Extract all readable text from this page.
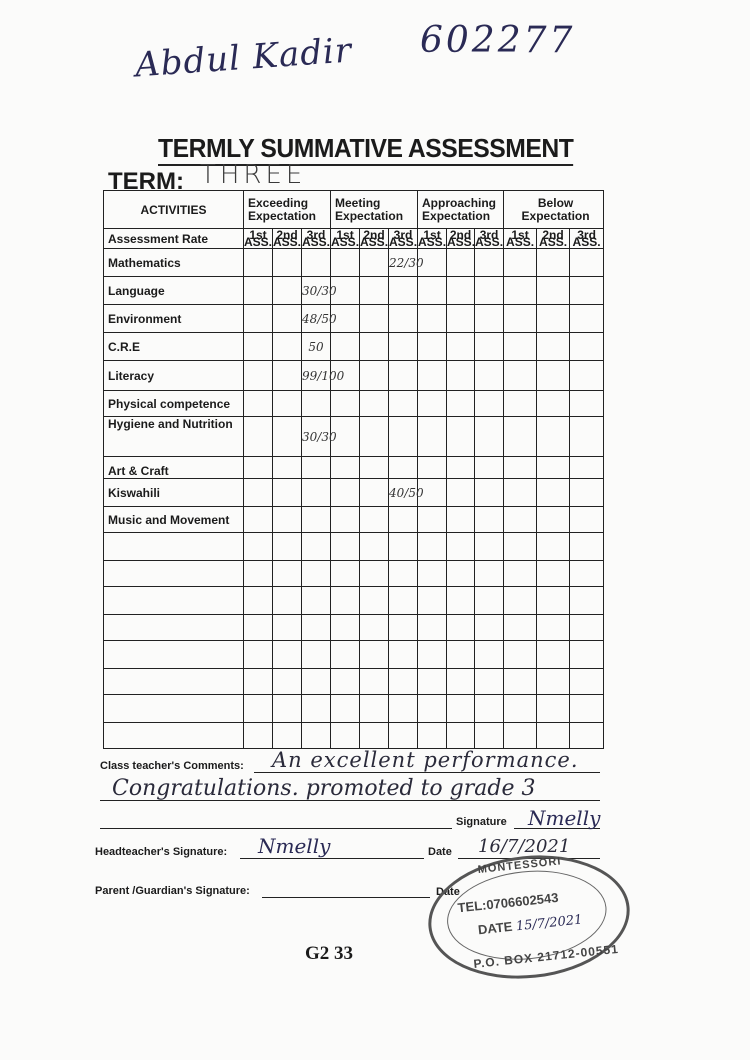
Abdul Kadir 602277
TERMLY SUMMATIVE ASSESSMENT
TERM: THREE
ACTIVITIES	Exceeding Expectation			Meeting Expectation			Approaching Expectation			Below Expectation		
Assessment Rate	1st ASS.	2nd ASS.	3rd ASS.	1st ASS.	2nd ASS.	3rd ASS.	1st ASS.	2nd ASS.	3rd ASS.	1st ASS.	2nd ASS.	3rd ASS.
Mathematics						22/30						
Language			30/30									
Environment			48/50									
C.R.E			50									
Literacy			99/100									
Physical competence												
Hygiene and Nutrition			30/30									
Art & Craft												
Kiswahili						40/50						
Music and Movement												

Class teacher's Comments: An excellent performance.
Congratulations. promoted to grade 3
Signature Nmelly
Headteacher's Signature: Nmelly	Date 16/7/2021
Parent /Guardian's Signature:	Date
MONTESSORI
TEL:0706602543
DATE 15/7/2021
P.O. BOX 21712-00551
G2 33
